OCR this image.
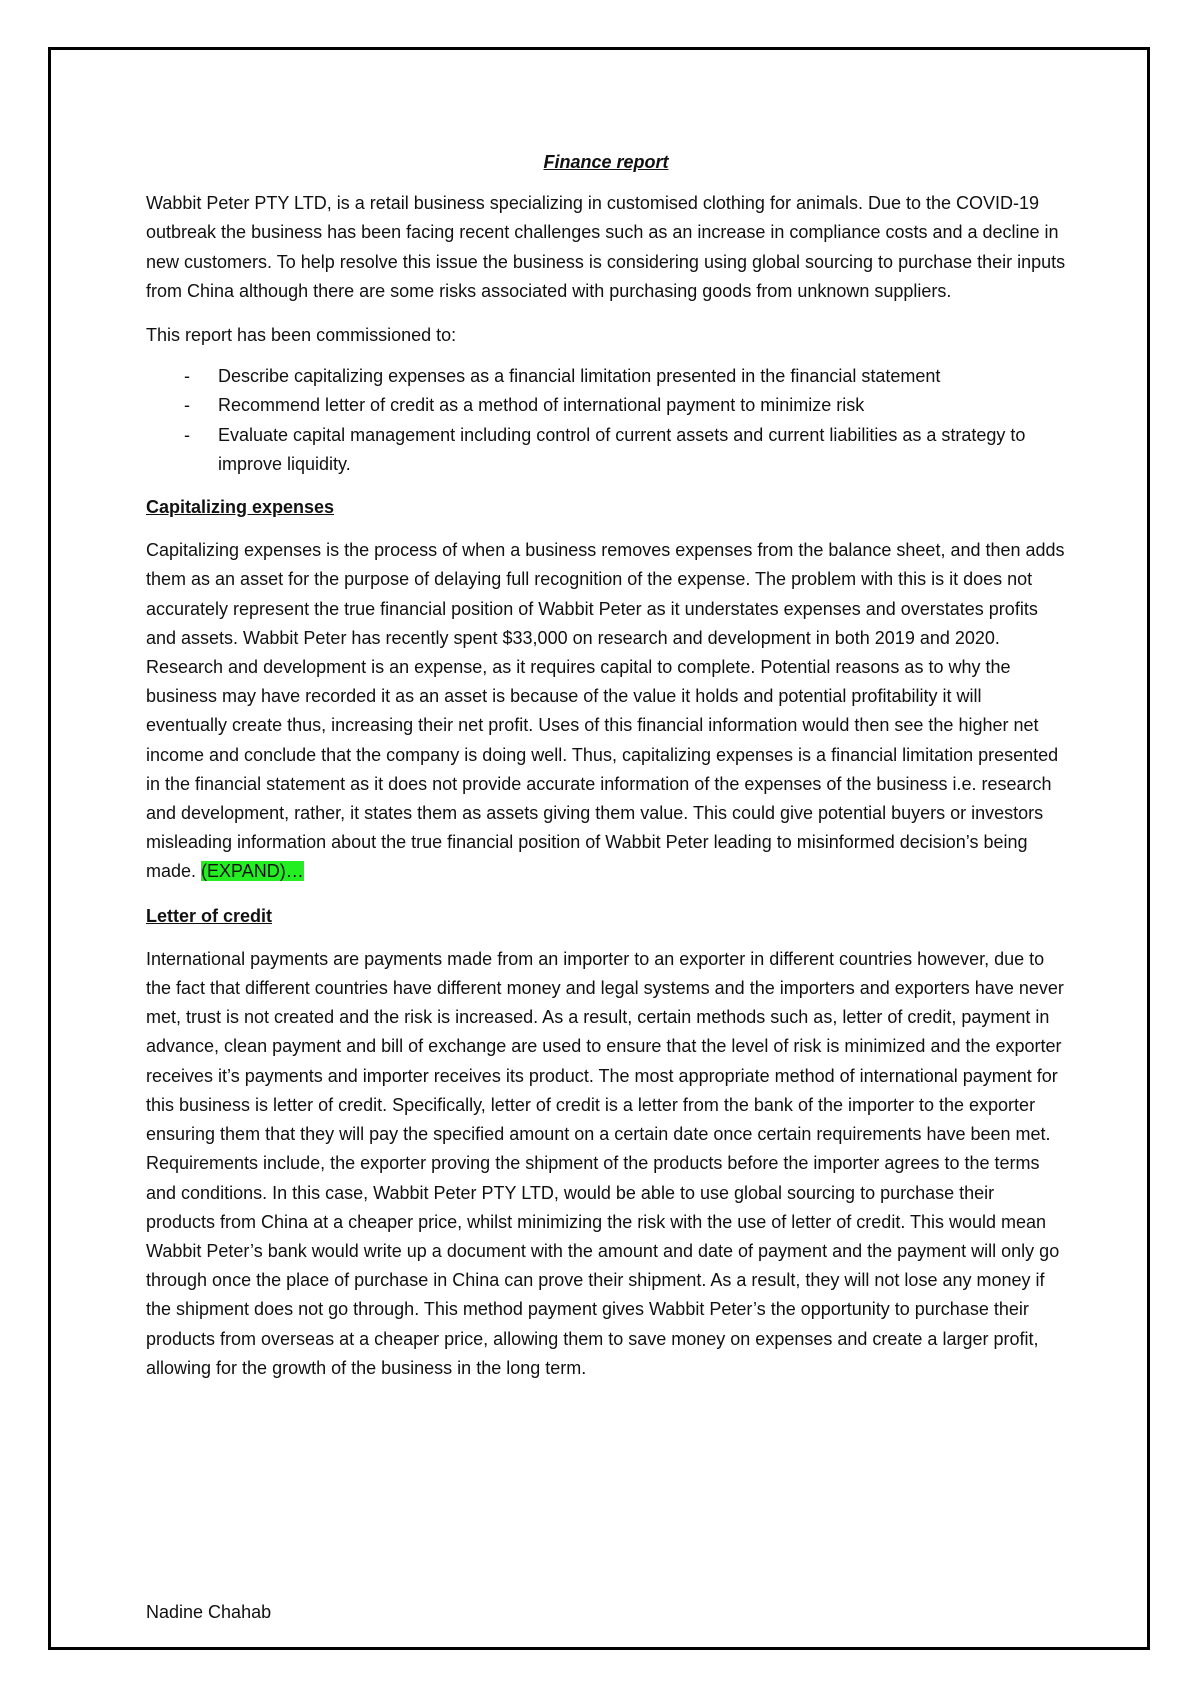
Finance report

Wabbit Peter PTY LTD, is a retail business specializing in customised clothing for animals. Due to the COVID-19 outbreak the business has been facing recent challenges such as an increase in compliance costs and a decline in new customers. To help resolve this issue the business is considering using global sourcing to purchase their inputs from China although there are some risks associated with purchasing goods from unknown suppliers.

This report has been commissioned to:

- Describe capitalizing expenses as a financial limitation presented in the financial statement
- Recommend letter of credit as a method of international payment to minimize risk
- Evaluate capital management including control of current assets and current liabilities as a strategy to improve liquidity.
Capitalizing expenses

Capitalizing expenses is the process of when a business removes expenses from the balance sheet, and then adds them as an asset for the purpose of delaying full recognition of the expense. The problem with this is it does not accurately represent the true financial position of Wabbit Peter as it understates expenses and overstates profits and assets. Wabbit Peter has recently spent $33,000 on research and development in both 2019 and 2020. Research and development is an expense, as it requires capital to complete. Potential reasons as to why the business may have recorded it as an asset is because of the value it holds and potential profitability it will eventually create thus, increasing their net profit. Uses of this financial information would then see the higher net income and conclude that the company is doing well. Thus, capitalizing expenses is a financial limitation presented in the financial statement as it does not provide accurate information of the expenses of the business i.e. research and development, rather, it states them as assets giving them value. This could give potential buyers or investors misleading information about the true financial position of Wabbit Peter leading to misinformed decision’s being made. (EXPAND)…

Letter of credit

International payments are payments made from an importer to an exporter in different countries however, due to the fact that different countries have different money and legal systems and the importers and exporters have never met, trust is not created and the risk is increased. As a result, certain methods such as, letter of credit, payment in advance, clean payment and bill of exchange are used to ensure that the level of risk is minimized and the exporter receives it’s payments and importer receives its product. The most appropriate method of international payment for this business is letter of credit. Specifically, letter of credit is a letter from the bank of the importer to the exporter ensuring them that they will pay the specified amount on a certain date once certain requirements have been met. Requirements include, the exporter proving the shipment of the products before the importer agrees to the terms and conditions. In this case, Wabbit Peter PTY LTD, would be able to use global sourcing to purchase their products from China at a cheaper price, whilst minimizing the risk with the use of letter of credit. This would mean Wabbit Peter’s bank would write up a document with the amount and date of payment and the payment will only go through once the place of purchase in China can prove their shipment. As a result, they will not lose any money if the shipment does not go through. This method payment gives Wabbit Peter’s the opportunity to purchase their products from overseas at a cheaper price, allowing them to save money on expenses and create a larger profit, allowing for the growth of the business in the long term.

Nadine Chahab
